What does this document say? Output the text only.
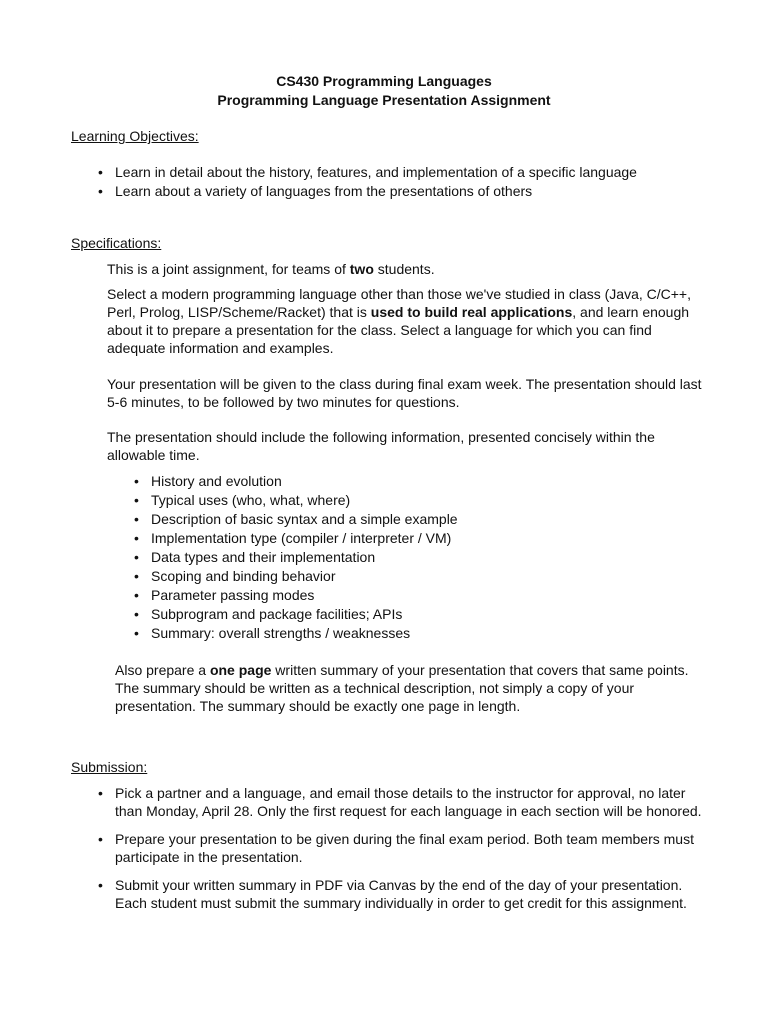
CS430 Programming Languages
Programming Language Presentation Assignment
Learning Objectives:
• Learn in detail about the history, features, and implementation of a specific language
• Learn about a variety of languages from the presentations of others
Specifications:

This is a joint assignment, for teams of two students.

Select a modern programming language other than those we've studied in class (Java, C/C++, Perl, Prolog, LISP/Scheme/Racket) that is used to build real applications, and learn enough about it to prepare a presentation for the class. Select a language for which you can find adequate information and examples.

Your presentation will be given to the class during final exam week. The presentation should last 5-6 minutes, to be followed by two minutes for questions.

The presentation should include the following information, presented concisely within the allowable time.

• History and evolution
• Typical uses (who, what, where)
• Description of basic syntax and a simple example
• Implementation type (compiler / interpreter / VM)
• Data types and their implementation
• Scoping and binding behavior
• Parameter passing modes
• Subprogram and package facilities; APIs
• Summary: overall strengths / weaknesses

Also prepare a one page written summary of your presentation that covers that same points. The summary should be written as a technical description, not simply a copy of your presentation. The summary should be exactly one page in length.

Submission:
• Pick a partner and a language, and email those details to the instructor for approval, no later than Monday, April 28. Only the first request for each language in each section will be honored.
• Prepare your presentation to be given during the final exam period. Both team members must participate in the presentation.
• Submit your written summary in PDF via Canvas by the end of the day of your presentation. Each student must submit the summary individually in order to get credit for this assignment.
